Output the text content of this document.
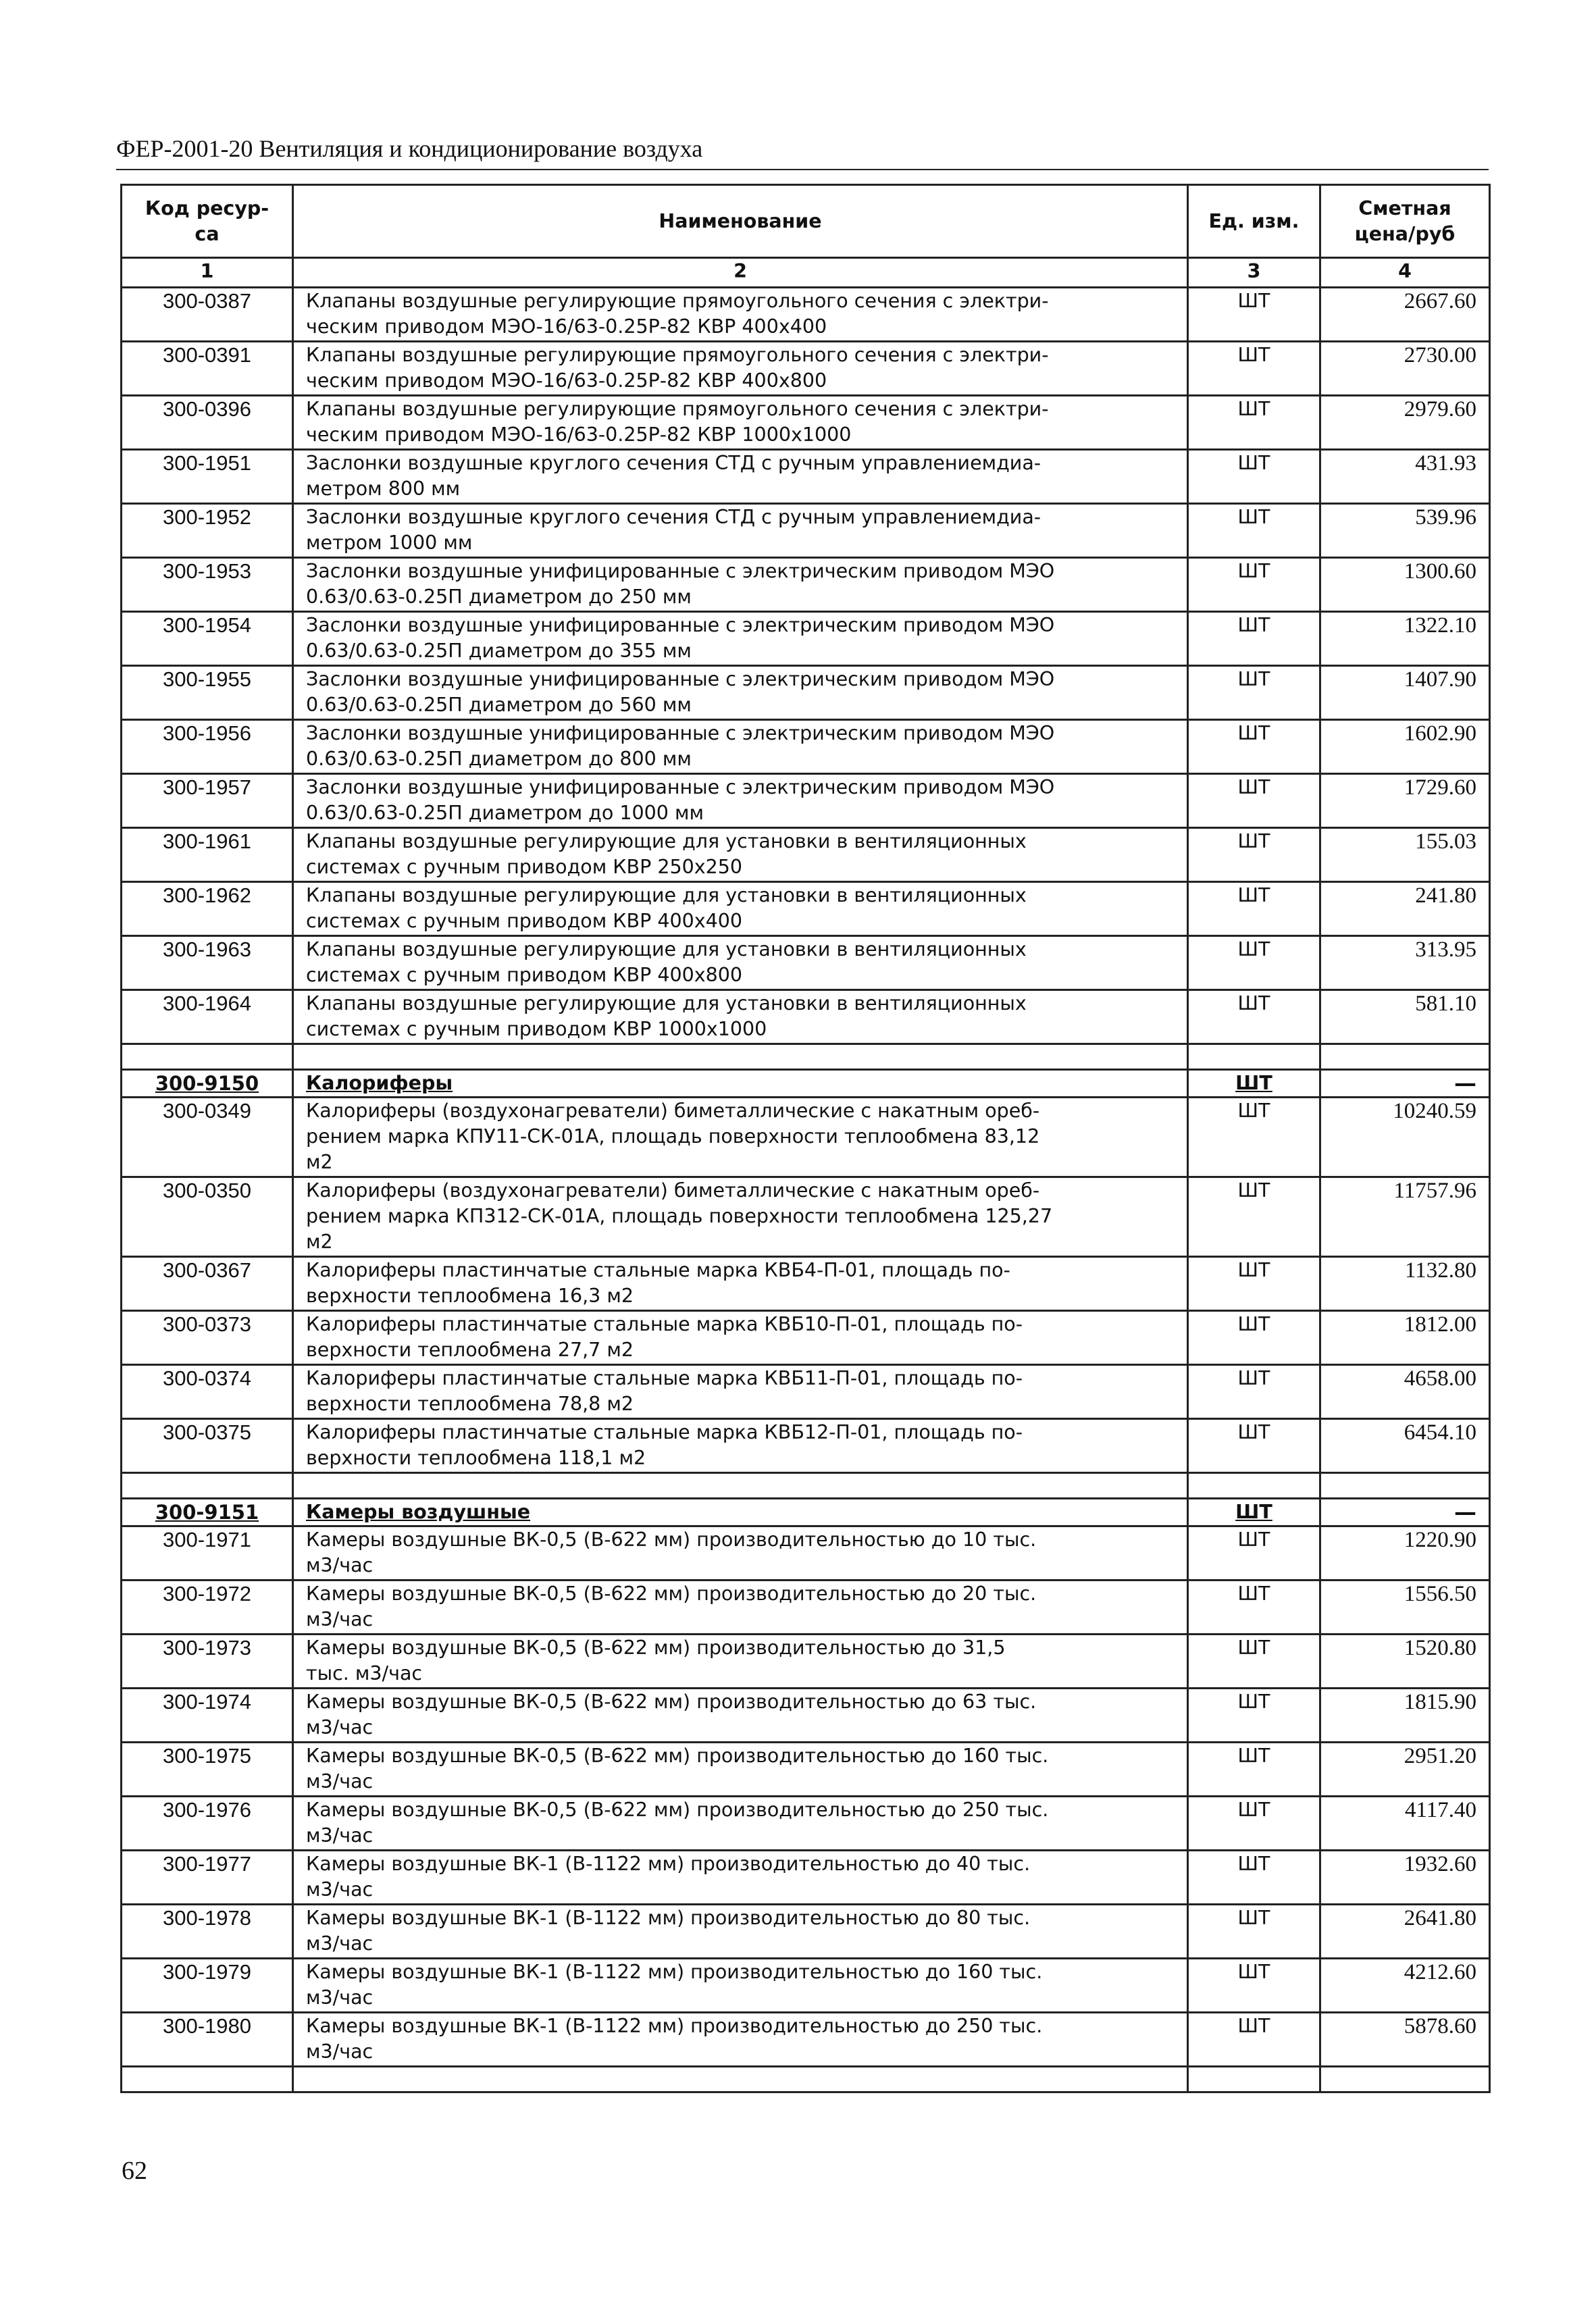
ФЕР-2001-20 Вентиляция и кондиционирование воздуха
Код ресур-
са	Наименование	Ед. изм.	Сметная
цена/руб
1	2	3	4
300-0387	Клапаны воздушные регулирующие прямоугольного сечения с электри-
ческим приводом МЭО-16/63-0.25Р-82 КВР 400х400	ШТ	2667.60
300-0391	Клапаны воздушные регулирующие прямоугольного сечения с электри-
ческим приводом МЭО-16/63-0.25Р-82 КВР 400х800	ШТ	2730.00
300-0396	Клапаны воздушные регулирующие прямоугольного сечения с электри-
ческим приводом МЭО-16/63-0.25Р-82 КВР 1000х1000	ШТ	2979.60
300-1951	Заслонки воздушные круглого сечения СТД с ручным управлениемдиа-
метром 800 мм	ШТ	431.93
300-1952	Заслонки воздушные круглого сечения СТД с ручным управлениемдиа-
метром 1000 мм	ШТ	539.96
300-1953	Заслонки воздушные унифицированные с электрическим приводом МЭО
0.63/0.63-0.25П диаметром до 250 мм	ШТ	1300.60
300-1954	Заслонки воздушные унифицированные с электрическим приводом МЭО
0.63/0.63-0.25П диаметром до 355 мм	ШТ	1322.10
300-1955	Заслонки воздушные унифицированные с электрическим приводом МЭО
0.63/0.63-0.25П диаметром до 560 мм	ШТ	1407.90
300-1956	Заслонки воздушные унифицированные с электрическим приводом МЭО
0.63/0.63-0.25П диаметром до 800 мм	ШТ	1602.90
300-1957	Заслонки воздушные унифицированные с электрическим приводом МЭО
0.63/0.63-0.25П диаметром до 1000 мм	ШТ	1729.60
300-1961	Клапаны воздушные регулирующие для установки в вентиляционных
системах с ручным приводом КВР 250х250	ШТ	155.03
300-1962	Клапаны воздушные регулирующие для установки в вентиляционных
системах с ручным приводом КВР 400х400	ШТ	241.80
300-1963	Клапаны воздушные регулирующие для установки в вентиляционных
системах с ручным приводом КВР 400х800	ШТ	313.95
300-1964	Клапаны воздушные регулирующие для установки в вентиляционных
системах с ручным приводом КВР 1000х1000	ШТ	581.10

300-9150	Калориферы	ШТ	—
300-0349	Калориферы (воздухонагреватели) биметаллические с накатным ореб-
рением марка КПУ11-СК-01А, площадь поверхности теплообмена 83,12
м2	ШТ	10240.59
300-0350	Калориферы (воздухонагреватели) биметаллические с накатным ореб-
рением марка КП312-СК-01А, площадь поверхности теплообмена 125,27
м2	ШТ	11757.96
300-0367	Калориферы пластинчатые стальные марка КВБ4-П-01, площадь по-
верхности теплообмена 16,3 м2	ШТ	1132.80
300-0373	Калориферы пластинчатые стальные марка КВБ10-П-01, площадь по-
верхности теплообмена 27,7 м2	ШТ	1812.00
300-0374	Калориферы пластинчатые стальные марка КВБ11-П-01, площадь по-
верхности теплообмена 78,8 м2	ШТ	4658.00
300-0375	Калориферы пластинчатые стальные марка КВБ12-П-01, площадь по-
верхности теплообмена 118,1 м2	ШТ	6454.10

300-9151	Камеры воздушные	ШТ	—
300-1971	Камеры воздушные ВК-0,5 (В-622 мм) производительностью до 10 тыс.
м3/час	ШТ	1220.90
300-1972	Камеры воздушные ВК-0,5 (В-622 мм) производительностью до 20 тыс.
м3/час	ШТ	1556.50
300-1973	Камеры воздушные ВК-0,5 (В-622 мм) производительностью до 31,5
тыс. м3/час	ШТ	1520.80
300-1974	Камеры воздушные ВК-0,5 (В-622 мм) производительностью до 63 тыс.
м3/час	ШТ	1815.90
300-1975	Камеры воздушные ВК-0,5 (В-622 мм) производительностью до 160 тыс.
м3/час	ШТ	2951.20
300-1976	Камеры воздушные ВК-0,5 (В-622 мм) производительностью до 250 тыс.
м3/час	ШТ	4117.40
300-1977	Камеры воздушные ВК-1 (В-1122 мм) производительностью до 40 тыс.
м3/час	ШТ	1932.60
300-1978	Камеры воздушные ВК-1 (В-1122 мм) производительностью до 80 тыс.
м3/час	ШТ	2641.80
300-1979	Камеры воздушные ВК-1 (В-1122 мм) производительностью до 160 тыс.
м3/час	ШТ	4212.60
300-1980	Камеры воздушные ВК-1 (В-1122 мм) производительностью до 250 тыс.
м3/час	ШТ	5878.60

62
